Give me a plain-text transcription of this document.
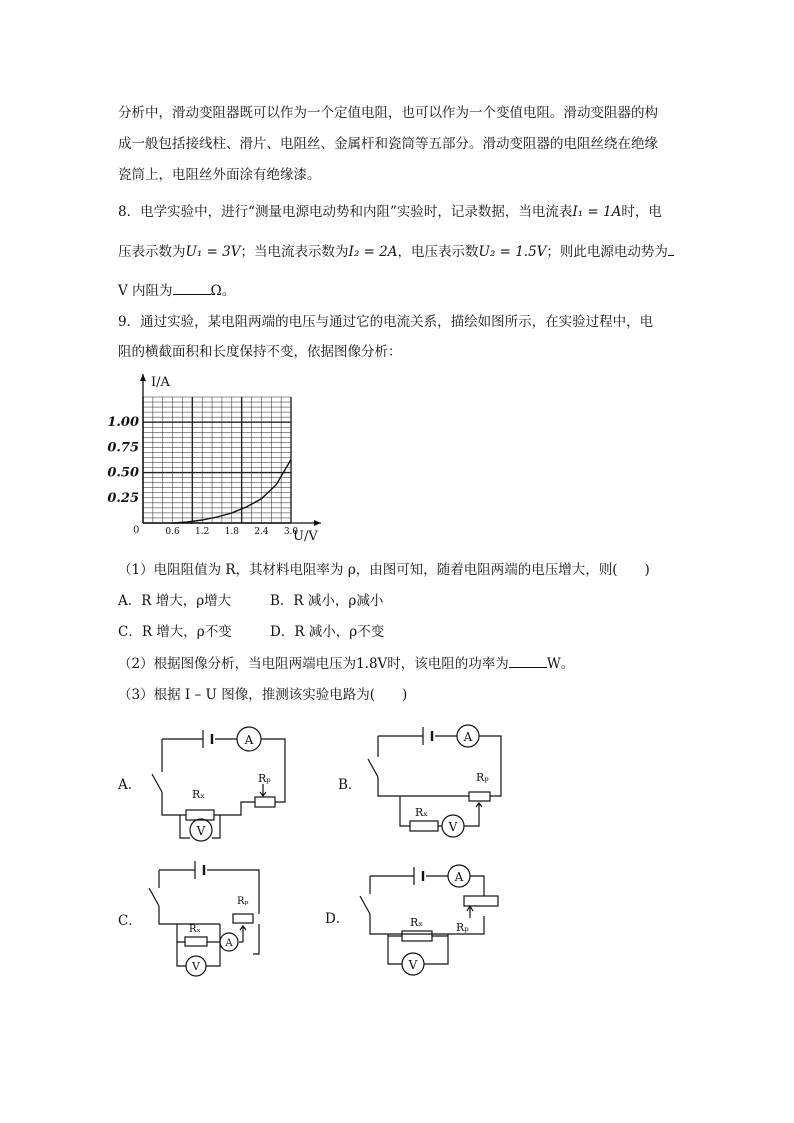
分析中，滑动变阻器既可以作为一个定值电阻，也可以作为一个变值电阻。滑动变阻器的构
成一般包括接线柱、滑片、电阻丝、金属杆和瓷筒等五部分。滑动变阻器的电阻丝绕在绝缘
瓷筒上，电阻丝外面涂有绝缘漆。
8．电学实验中，进行“测量电源电动势和内阻”实验时，记录数据，当电流表I₁ = 1A时，电
压表示数为U₁ = 3V；当电流表示数为I₂ = 2A，电压表示数U₂ = 1.5V；则此电源电动势为
V 内阻为	Ω。
9．通过实验，某电阻两端的电压与通过它的电流关系，描绘如图所示，在实验过程中，电
阻的横截面积和长度保持不变，依据图像分析：
I/A
U/V
0	0.6 1.2 1.8 2.4 3.0
0.25
0.50
0.75
1.00
（1）电阻阻值为 R，其材料电阻率为 ρ，由图可知，随着电阻两端的电压增大，则(　　)
A．R 增大，ρ增大	B．R 减小，ρ减小
C．R 增大，ρ不变	D．R 减小，ρ不变
（2）根据图像分析，当电阻两端电压为1.8V时，该电阻的功率为	W。
（3）根据 I – U 图像，推测该实验电路为(　　)
A．
A
Rₓ
Rₚ
V
B．
A
Rₚ
Rₓ
V
C．
Rₚ
Rₓ
A
V
D．
A
Rₚ
Rₓ
V
